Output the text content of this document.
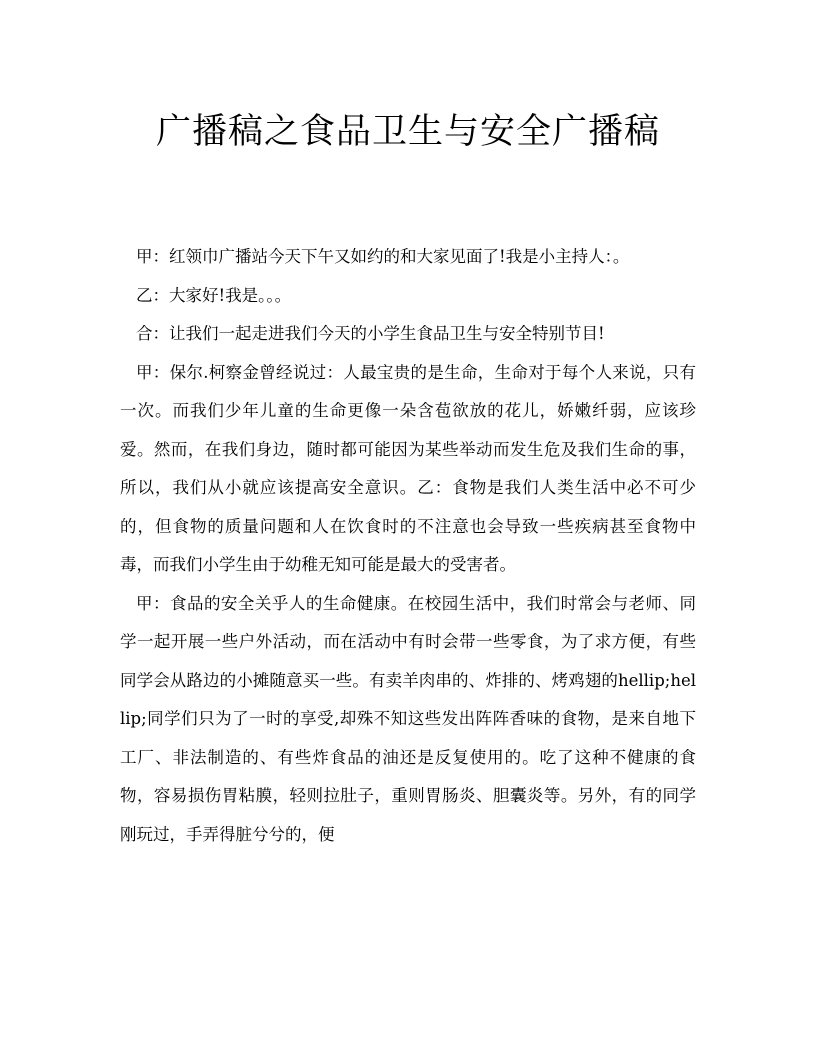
广播稿之食品卫生与安全广播稿

甲：红领巾广播站今天下午又如约的和大家见面了!我是小主持人：。

乙：大家好!我是。。。

合：让我们一起走进我们今天的小学生食品卫生与安全特别节目!

甲：保尔.柯察金曾经说过：人最宝贵的是生命，生命对于每个人来说，只有一次。而我们少年儿童的生命更像一朵含苞欲放的花儿，娇嫩纤弱，应该珍爱。然而，在我们身边，随时都可能因为某些举动而发生危及我们生命的事，所以，我们从小就应该提高安全意识。乙：食物是我们人类生活中必不可少的，但食物的质量问题和人在饮食时的不注意也会导致一些疾病甚至食物中毒，而我们小学生由于幼稚无知可能是最大的受害者。

甲：食品的安全关乎人的生命健康。在校园生活中，我们时常会与老师、同学一起开展一些户外活动，而在活动中有时会带一些零食，为了求方便，有些同学会从路边的小摊随意买一些。有卖羊肉串的、炸排的、烤鸡翅的hellip;hellip;同学们只为了一时的享受,却殊不知这些发出阵阵香味的食物，是来自地下工厂、非法制造的、有些炸食品的油还是反复使用的。吃了这种不健康的食物，容易损伤胃粘膜，轻则拉肚子，重则胃肠炎、胆囊炎等。另外，有的同学刚玩过，手弄得脏兮兮的，便
